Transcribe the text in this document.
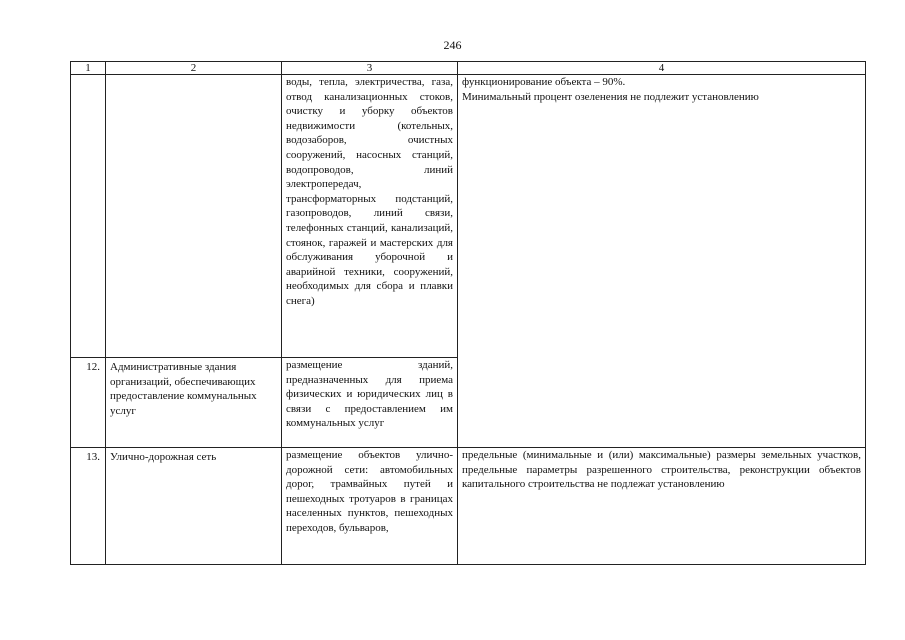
246
1	2	3	4

		воды, тепла, электричества, газа, отвод канализационных стоков, очистку и уборку объектов недвижимости (котельных, водозаборов, очистных сооружений, насосных станций, водопроводов, линий электропередач, трансформаторных подстанций, газопроводов, линий связи, телефонных станций, канализаций, стоянок, гаражей и мастерских для обслуживания уборочной и аварийной техники, сооружений, необходимых для сбора и плавки снега)	функционирование объекта – 90%.
Минимальный процент озеленения не подлежит установлению

12.	Административные здания организаций, обеспечивающих предоставление коммунальных услуг	размещение зданий, предназначенных для приема физических и юридических лиц в связи с предоставлением им коммунальных услуг	

13.	Улично-дорожная сеть	размещение объектов улично-дорожной сети: автомобильных дорог, трамвайных путей и пешеходных тротуаров в границах населенных пунктов, пешеходных переходов, бульваров,	предельные (минимальные и (или) максимальные) размеры земельных участков, предельные параметры разрешенного строительства, реконструкции объектов капитального строительства не подлежат установлению
